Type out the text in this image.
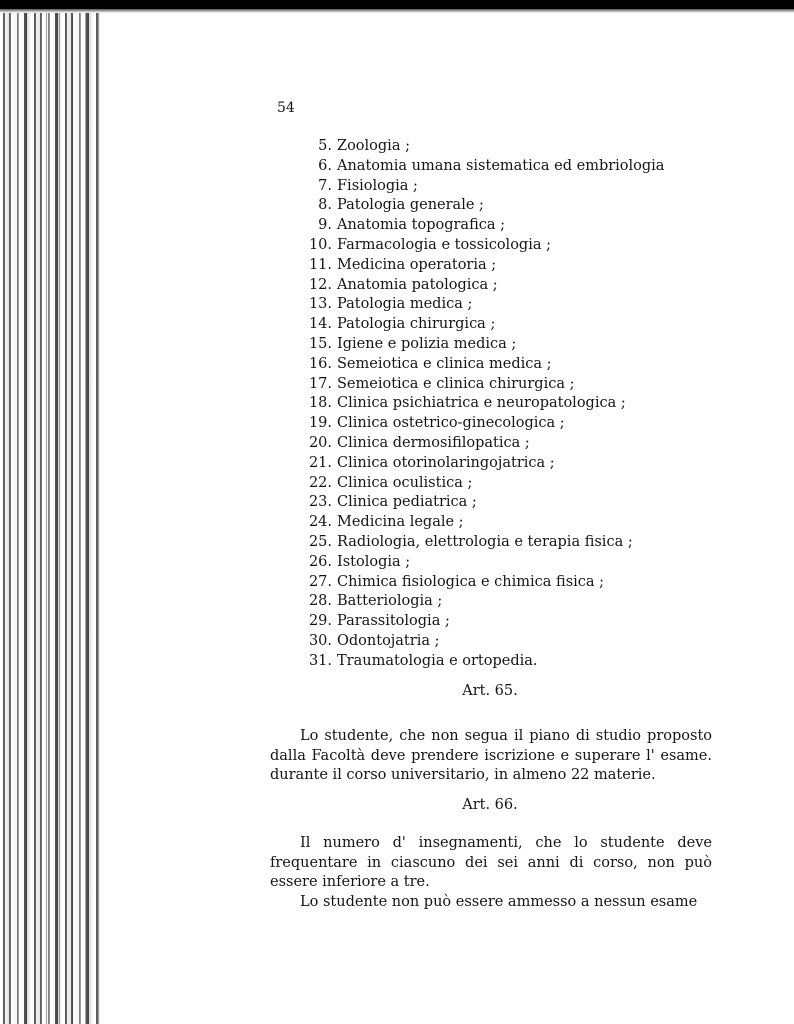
54
5. Zoologia ;
6. Anatomia umana sistematica ed embriologia
7. Fisiologia ;
8. Patologia generale ;
9. Anatomia topografica ;
10. Farmacologia e tossicologia ;
11. Medicina operatoria ;
12. Anatomia patologica ;
13. Patologia medica ;
14. Patologia chirurgica ;
15. Igiene e polizia medica ;
16. Semeiotica e clinica medica ;
17. Semeiotica e clinica chirurgica ;
18. Clinica psichiatrica e neuropatologica ;
19. Clinica ostetrico-ginecologica ;
20. Clinica dermosifilopatica ;
21. Clinica otorinolaringojatrica ;
22. Clinica oculistica ;
23. Clinica pediatrica ;
24. Medicina legale ;
25. Radiologia, elettrologia e terapia fisica ;
26. Istologia ;
27. Chimica fisiologica e chimica fisica ;
28. Batteriologia ;
29. Parassitologia ;
30. Odontojatria ;
31. Traumatologia e ortopedia.
Art. 65.

Lo studente, che non segua il piano di studio proposto dalla Facoltà deve prendere iscrizione e superare l' esame. durante il corso universitario, in almeno 22 materie.

Art. 66.

Il numero d' insegnamenti, che lo studente deve frequentare in ciascuno dei sei anni di corso, non può essere inferiore a tre.

Lo studente non può essere ammesso a nessun esame
